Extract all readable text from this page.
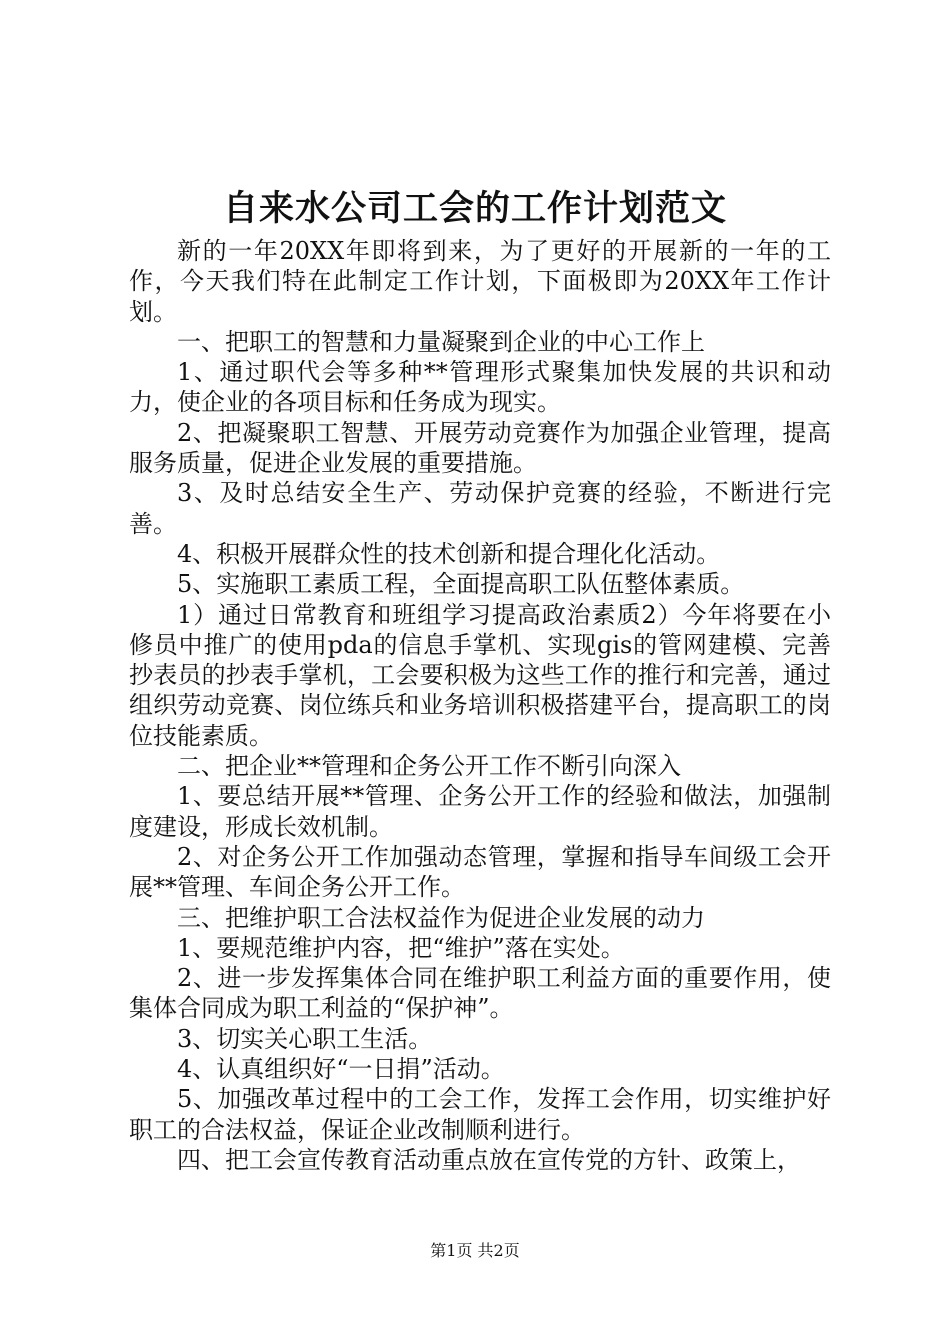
自来水公司工会的工作计划范文

新的一年20XX年即将到来，为了更好的开展新的一年的工作，今天我们特在此制定工作计划，下面极即为20XX年工作计划。

一、把职工的智慧和力量凝聚到企业的中心工作上

1、通过职代会等多种**管理形式聚集加快发展的共识和动力，使企业的各项目标和任务成为现实。

2、把凝聚职工智慧、开展劳动竞赛作为加强企业管理，提高服务质量，促进企业发展的重要措施。

3、及时总结安全生产、劳动保护竞赛的经验，不断进行完善。

4、积极开展群众性的技术创新和提合理化化活动。

5、实施职工素质工程，全面提高职工队伍整体素质。

1）通过日常教育和班组学习提高政治素质2）今年将要在小修员中推广的使用pda的信息手掌机、实现gis的管网建模、完善抄表员的抄表手掌机，工会要积极为这些工作的推行和完善，通过组织劳动竞赛、岗位练兵和业务培训积极搭建平台，提高职工的岗位技能素质。

二、把企业**管理和企务公开工作不断引向深入

1、要总结开展**管理、企务公开工作的经验和做法，加强制度建设，形成长效机制。

2、对企务公开工作加强动态管理，掌握和指导车间级工会开展**管理、车间企务公开工作。

三、把维护职工合法权益作为促进企业发展的动力

1、要规范维护内容，把“维护”落在实处。

2、进一步发挥集体合同在维护职工利益方面的重要作用，使集体合同成为职工利益的“保护神”。

3、切实关心职工生活。

4、认真组织好“一日捐”活动。

5、加强改革过程中的工会工作，发挥工会作用，切实维护好职工的合法权益，保证企业改制顺利进行。

四、把工会宣传教育活动重点放在宣传党的方针、政策上，

第1页 共2页
